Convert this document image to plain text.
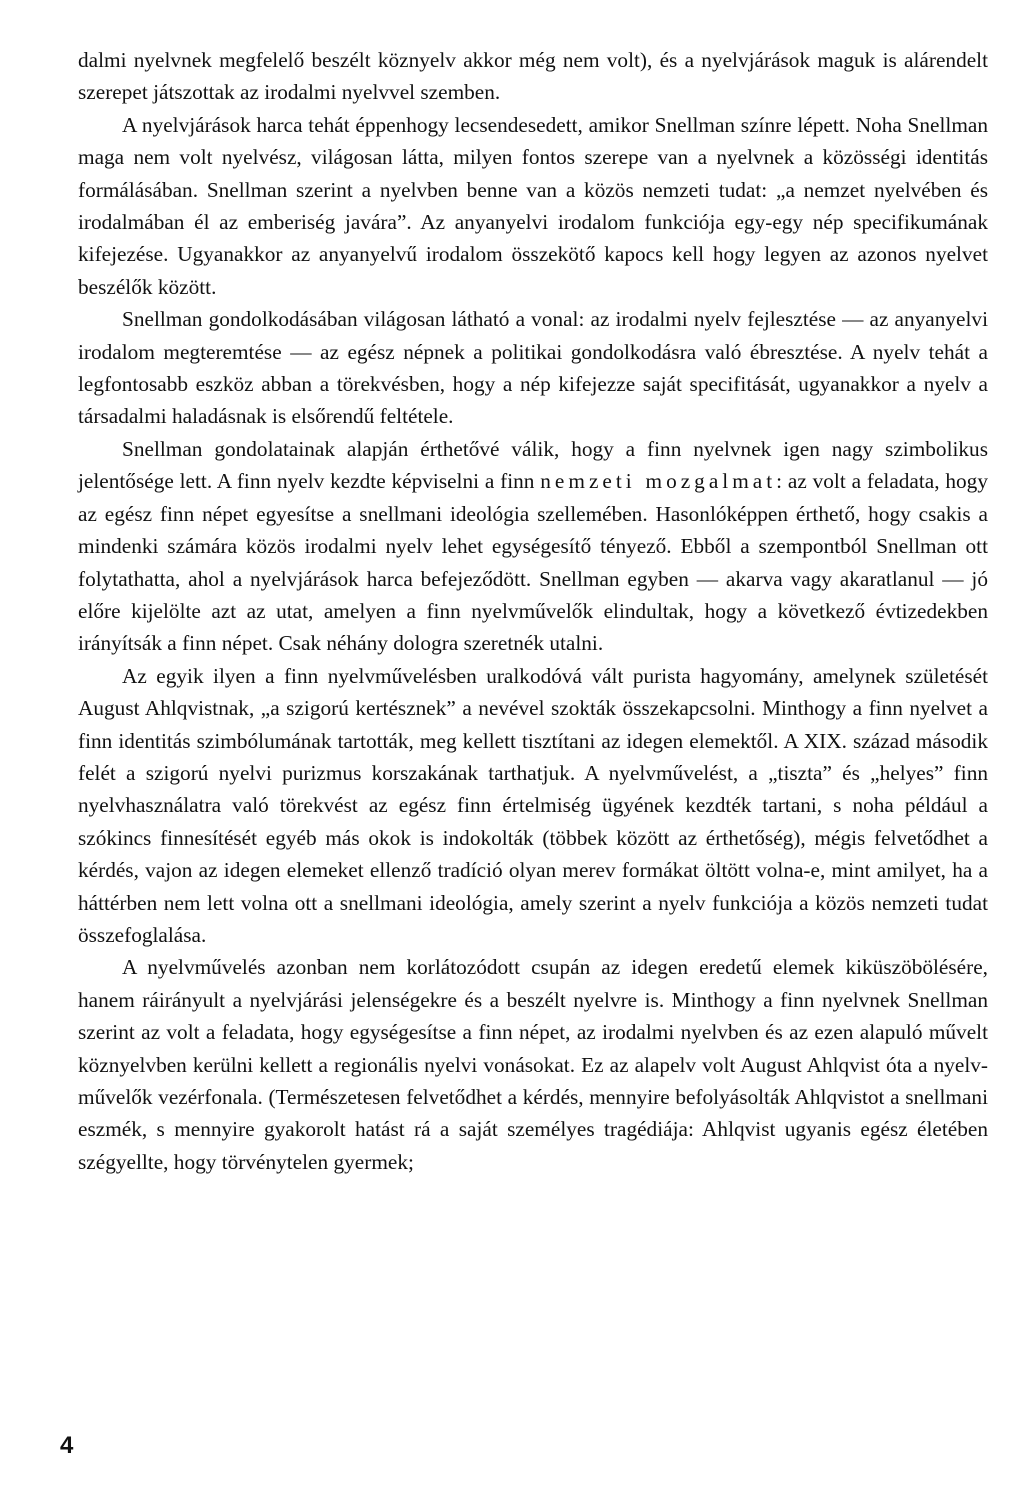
dalmi nyelvnek megfelelő beszélt köznyelv akkor még nem volt), és a nyelvjárások maguk is alárendelt szerepet játszottak az irodalmi nyelvvel szemben.

A nyelvjárások harca tehát éppenhogy lecsendesedett, amikor Snellman színre lépett. Noha Snellman maga nem volt nyelvész, világosan látta, milyen fontos szerepe van a nyelvnek a közösségi identitás formálásában. Snellman szerint a nyelvben benne van a közös nemzeti tudat: „a nemzet nyelvében és irodalmában él az emberiség javára”. Az anyanyelvi irodalom funkciója egy-egy nép specifikumának kifejezése. Ugyanakkor az anyanyelvű irodalom összekötő kapocs kell hogy legyen az azonos nyelvet beszélők között.

Snellman gondolkodásában világosan látható a vonal: az irodalmi nyelv fejlesztése — az anyanyelvi irodalom megteremtése — az egész népnek a politikai gondolkodásra való ébresztése. A nyelv tehát a legfontosabb eszköz abban a törekvésben, hogy a nép kifejezze saját specifitását, ugyanakkor a nyelv a társadalmi haladásnak is elsőrendű feltétele.

Snellman gondolatainak alapján érthetővé válik, hogy a finn nyelvnek igen nagy szimbolikus jelentősége lett. A finn nyelv kezdte képviselni a finn nemzeti mozgalmat: az volt a feladata, hogy az egész finn népet egyesítse a snellmani ideológia szellemében. Hasonlóképpen érthető, hogy csakis a mindenki számára közös irodalmi nyelv lehet egységesítő tényező. Ebből a szempontból Snellman ott folytathatta, ahol a nyelvjárások harca befejeződött. Snellman egyben — akarva vagy akaratlanul — jó előre kijelölte azt az utat, amelyen a finn nyelvművelők elindultak, hogy a következő évtizedekben irányítsák a finn népet. Csak néhány dologra szeretnék utalni.

Az egyik ilyen a finn nyelvművelésben uralkodóvá vált purista hagyomány, amelynek születését August Ahlqvistnak, „a szigorú kertésznek” a nevével szokták összekapcsolni. Minthogy a finn nyelvet a finn identitás szimbólumának tartották, meg kellett tisztítani az idegen elemektől. A XIX. század második felét a szigorú nyelvi purizmus korszakának tarthatjuk. A nyelvművelést, a „tiszta” és „helyes” finn nyelvhasználatra való törekvést az egész finn értelmiség ügyének kezdték tartani, s noha például a szókincs finnesítését egyéb más okok is indokolták (többek között az érthetőség), mégis felvetődhet a kérdés, vajon az idegen elemeket ellenző tradíció olyan merev formákat öltött volna-e, mint amilyet, ha a háttérben nem lett volna ott a snellmani ideológia, amely szerint a nyelv funkciója a közös nemzeti tudat összefoglalása.

A nyelvművelés azonban nem korlátozódott csupán az idegen eredetű elemek kiküszöbölésére, hanem ráirányult a nyelvjárási jelenségekre és a beszélt nyelvre is. Minthogy a finn nyelvnek Snellman szerint az volt a feladata, hogy egységesítse a finn népet, az irodalmi nyelvben és az ezen alapuló művelt köznyelvben kerülni kellett a regionális nyelvi vonásokat. Ez az alapelv volt August Ahlqvist óta a nyelvművelők vezérfonala. (Természetesen felvetődhet a kérdés, mennyire befolyásolták Ahlqvistot a snellmani eszmék, s mennyire gyakorolt hatást rá a saját személyes tragédiája: Ahlqvist ugyanis egész életében szégyellte, hogy törvénytelen gyermek;

4
